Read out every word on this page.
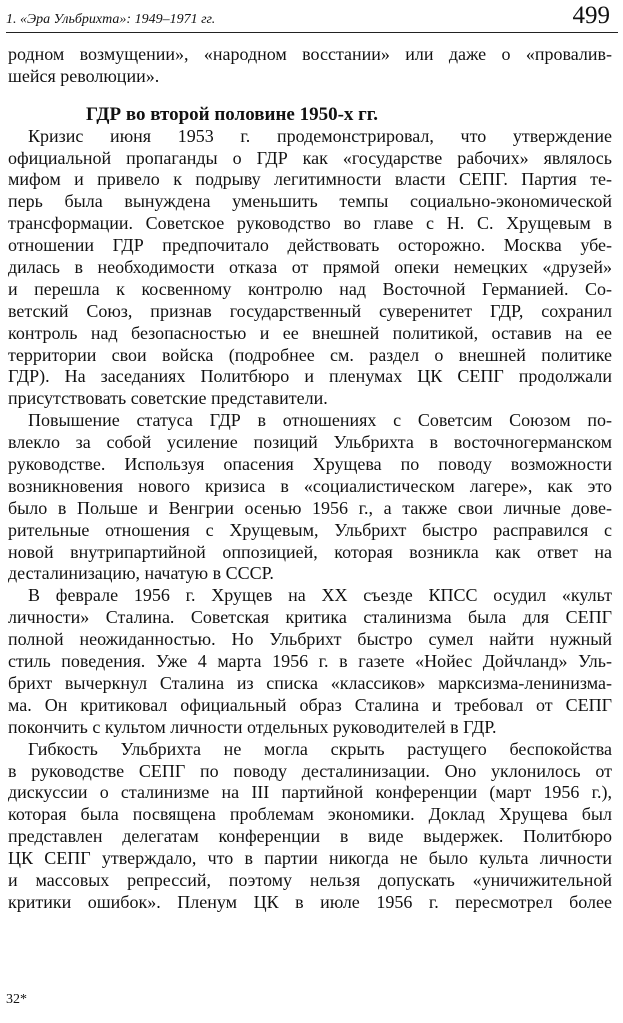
1. «Эра Ульбрихта»: 1949–1971 гг.	499
родном возмущении», «народном восстании» или даже о «провалив-
шейся революции».
ГДР во второй половине 1950-х гг.
Кризис июня 1953 г. продемонстрировал, что утверждение
официальной пропаганды о ГДР как «государстве рабочих» являлось
мифом и привело к подрыву легитимности власти СЕПГ. Партия те-
перь была вынуждена уменьшить темпы социально-экономической
трансформации. Советское руководство во главе с Н. С. Хрущевым в
отношении ГДР предпочитало действовать осторожно. Москва убе-
дилась в необходимости отказа от прямой опеки немецких «друзей»
и перешла к косвенному контролю над Восточной Германией. Со-
ветский Союз, признав государственный суверенитет ГДР, сохранил
контроль над безопасностью и ее внешней политикой, оставив на ее
территории свои войска (подробнее см. раздел о внешней политике
ГДР). На заседаниях Политбюро и пленумах ЦК СЕПГ продолжали
присутствовать советские представители.
Повышение статуса ГДР в отношениях с Советсим Союзом по-
влекло за собой усиление позиций Ульбрихта в восточногерманском
руководстве. Используя опасения Хрущева по поводу возможности
возникновения нового кризиса в «социалистическом лагере», как это
было в Польше и Венгрии осенью 1956 г., а также свои личные дове-
рительные отношения с Хрущевым, Ульбрихт быстро расправился с
новой внутрипартийной оппозицией, которая возникла как ответ на
десталинизацию, начатую в СССР.
В феврале 1956 г. Хрущев на XX съезде КПСС осудил «культ
личности» Сталина. Советская критика сталинизма была для СЕПГ
полной неожиданностью. Но Ульбрихт быстро сумел найти нужный
стиль поведения. Уже 4 марта 1956 г. в газете «Нойес Дойчланд» Уль-
брихт вычеркнул Сталина из списка «классиков» марксизма-ленинизма-
ма. Он критиковал официальный образ Сталина и требовал от СЕПГ
покончить с культом личности отдельных руководителей в ГДР.
Гибкость Ульбрихта не могла скрыть растущего беспокойства
в руководстве СЕПГ по поводу десталинизации. Оно уклонилось от
дискуссии о сталинизме на III партийной конференции (март 1956 г.),
которая была посвящена проблемам экономики. Доклад Хрущева был
представлен делегатам конференции в виде выдержек. Политбюро
ЦК СЕПГ утверждало, что в партии никогда не было культа личности
и массовых репрессий, поэтому нельзя допускать «уничижительной
критики ошибок». Пленум ЦК в июле 1956 г. пересмотрел более
32*
